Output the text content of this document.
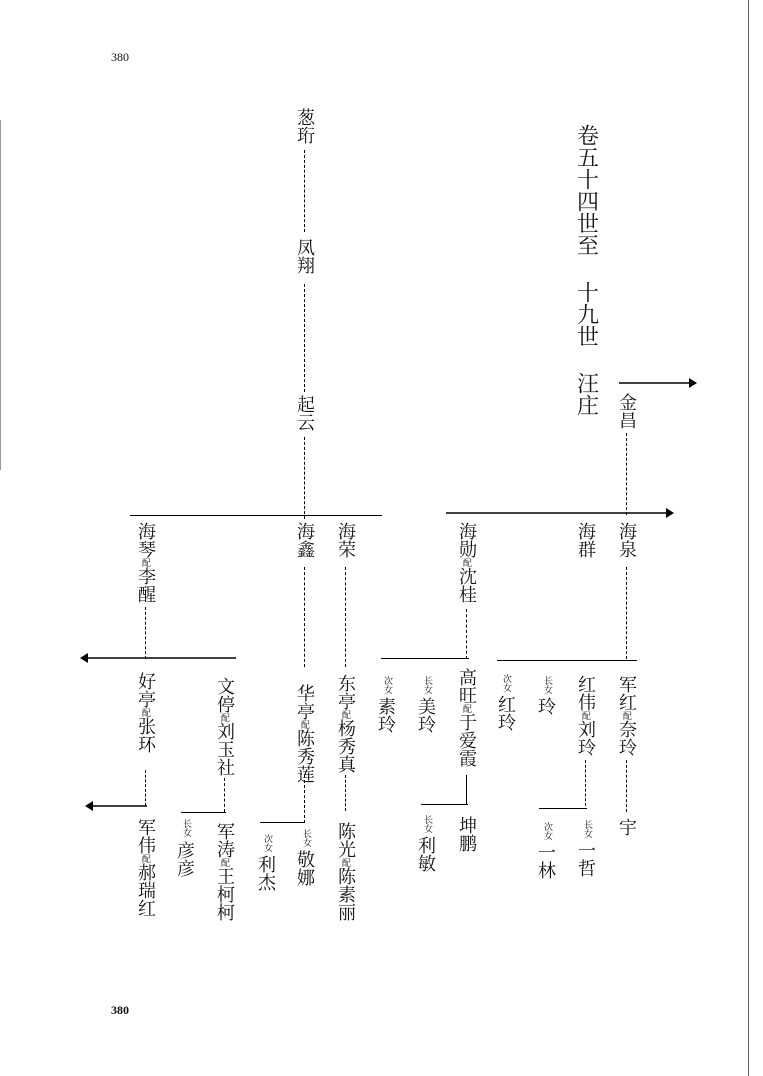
380
380
卷五十四世至 十九世 汪庄
葱珩
凤翔
起云	金昌
海琴配李醒
海鑫 海荣	海勋配沈桂
海群 海泉
好亭配张环
文停配刘玉社
华亭配陈秀莲
东亭配杨秀真
次女
素玲
长女
美玲
高旺配于爱霞
次女
红玲
长女
玲 红伟配刘玲
军红配奈玲
军伟配郝瑞红
长女
彦彦
军涛配王柯柯
次女
利杰
长女
敬娜
陈光配陈素丽
长女
利敏
坤鹏	次女
一林
长女
一哲
宇
